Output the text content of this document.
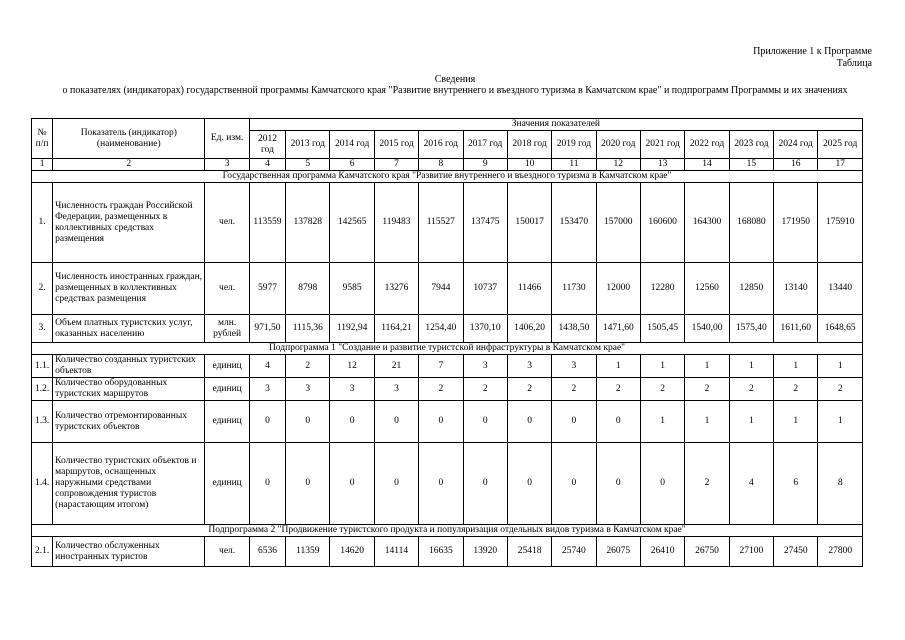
Приложение 1 к Программе
Таблица
Сведения
о показателях (индикаторах) государственной программы Камчатского края "Развитие внутреннего и въездного туризма в Камчатском крае" и подпрограмм Программы и их значениях
№ п/п	Показатель (индикатор) (наименование)	Ед. изм.	Значения показателей													
			2012 год	2013 год	2014 год	2015 год	2016 год	2017 год	2018 год	2019 год	2020 год	2021 год	2022 год	2023 год	2024 год	2025 год
1	2	3	4	5	6	7	8	9	10	11	12	13	14	15	16	17
Государственная программа Камчатского края "Развитие внутреннего и въездного туризма в Камчатском крае"																
1.	Численность граждан Российской Федерации, размещенных в коллективных средствах размещения	чел.	113559	137828	142565	119483	115527	137475	150017	153470	157000	160600	164300	168080	171950	175910
2.	Численность иностранных граждан, размещенных в коллективных средствах размещения	чел.	5977	8798	9585	13276	7944	10737	11466	11730	12000	12280	12560	12850	13140	13440
3.	Объем платных туристских услуг, оказанных населению	млн. рублей	971,50	1115,36	1192,94	1164,21	1254,40	1370,10	1406,20	1438,50	1471,60	1505,45	1540,00	1575,40	1611,60	1648,65
Подпрограмма 1 "Создание и развитие туристской инфраструктуры в Камчатском крае"																
1.1.	Количество созданных туристских объектов	единиц	4	2	12	21	7	3	3	3	1	1	1	1	1	1
1.2.	Количество оборудованных туристских маршрутов	единиц	3	3	3	3	2	2	2	2	2	2	2	2	2	2
1.3.	Количество отремонтированных туристских объектов	единиц	0	0	0	0	0	0	0	0	0	1	1	1	1	1
1.4.	Количество туристских объектов и маршрутов, оснащенных наружными средствами сопровождения туристов (нарастающим итогом)	единиц	0	0	0	0	0	0	0	0	0	0	2	4	6	8
Подпрограмма 2 "Продвижение туристского продукта и популяризация отдельных видов туризма в Камчатском крае"																
2.1.	Количество обслуженных иностранных туристов	чел.	6536	11359	14620	14114	16635	13920	25418	25740	26075	26410	26750	27100	27450	27800
